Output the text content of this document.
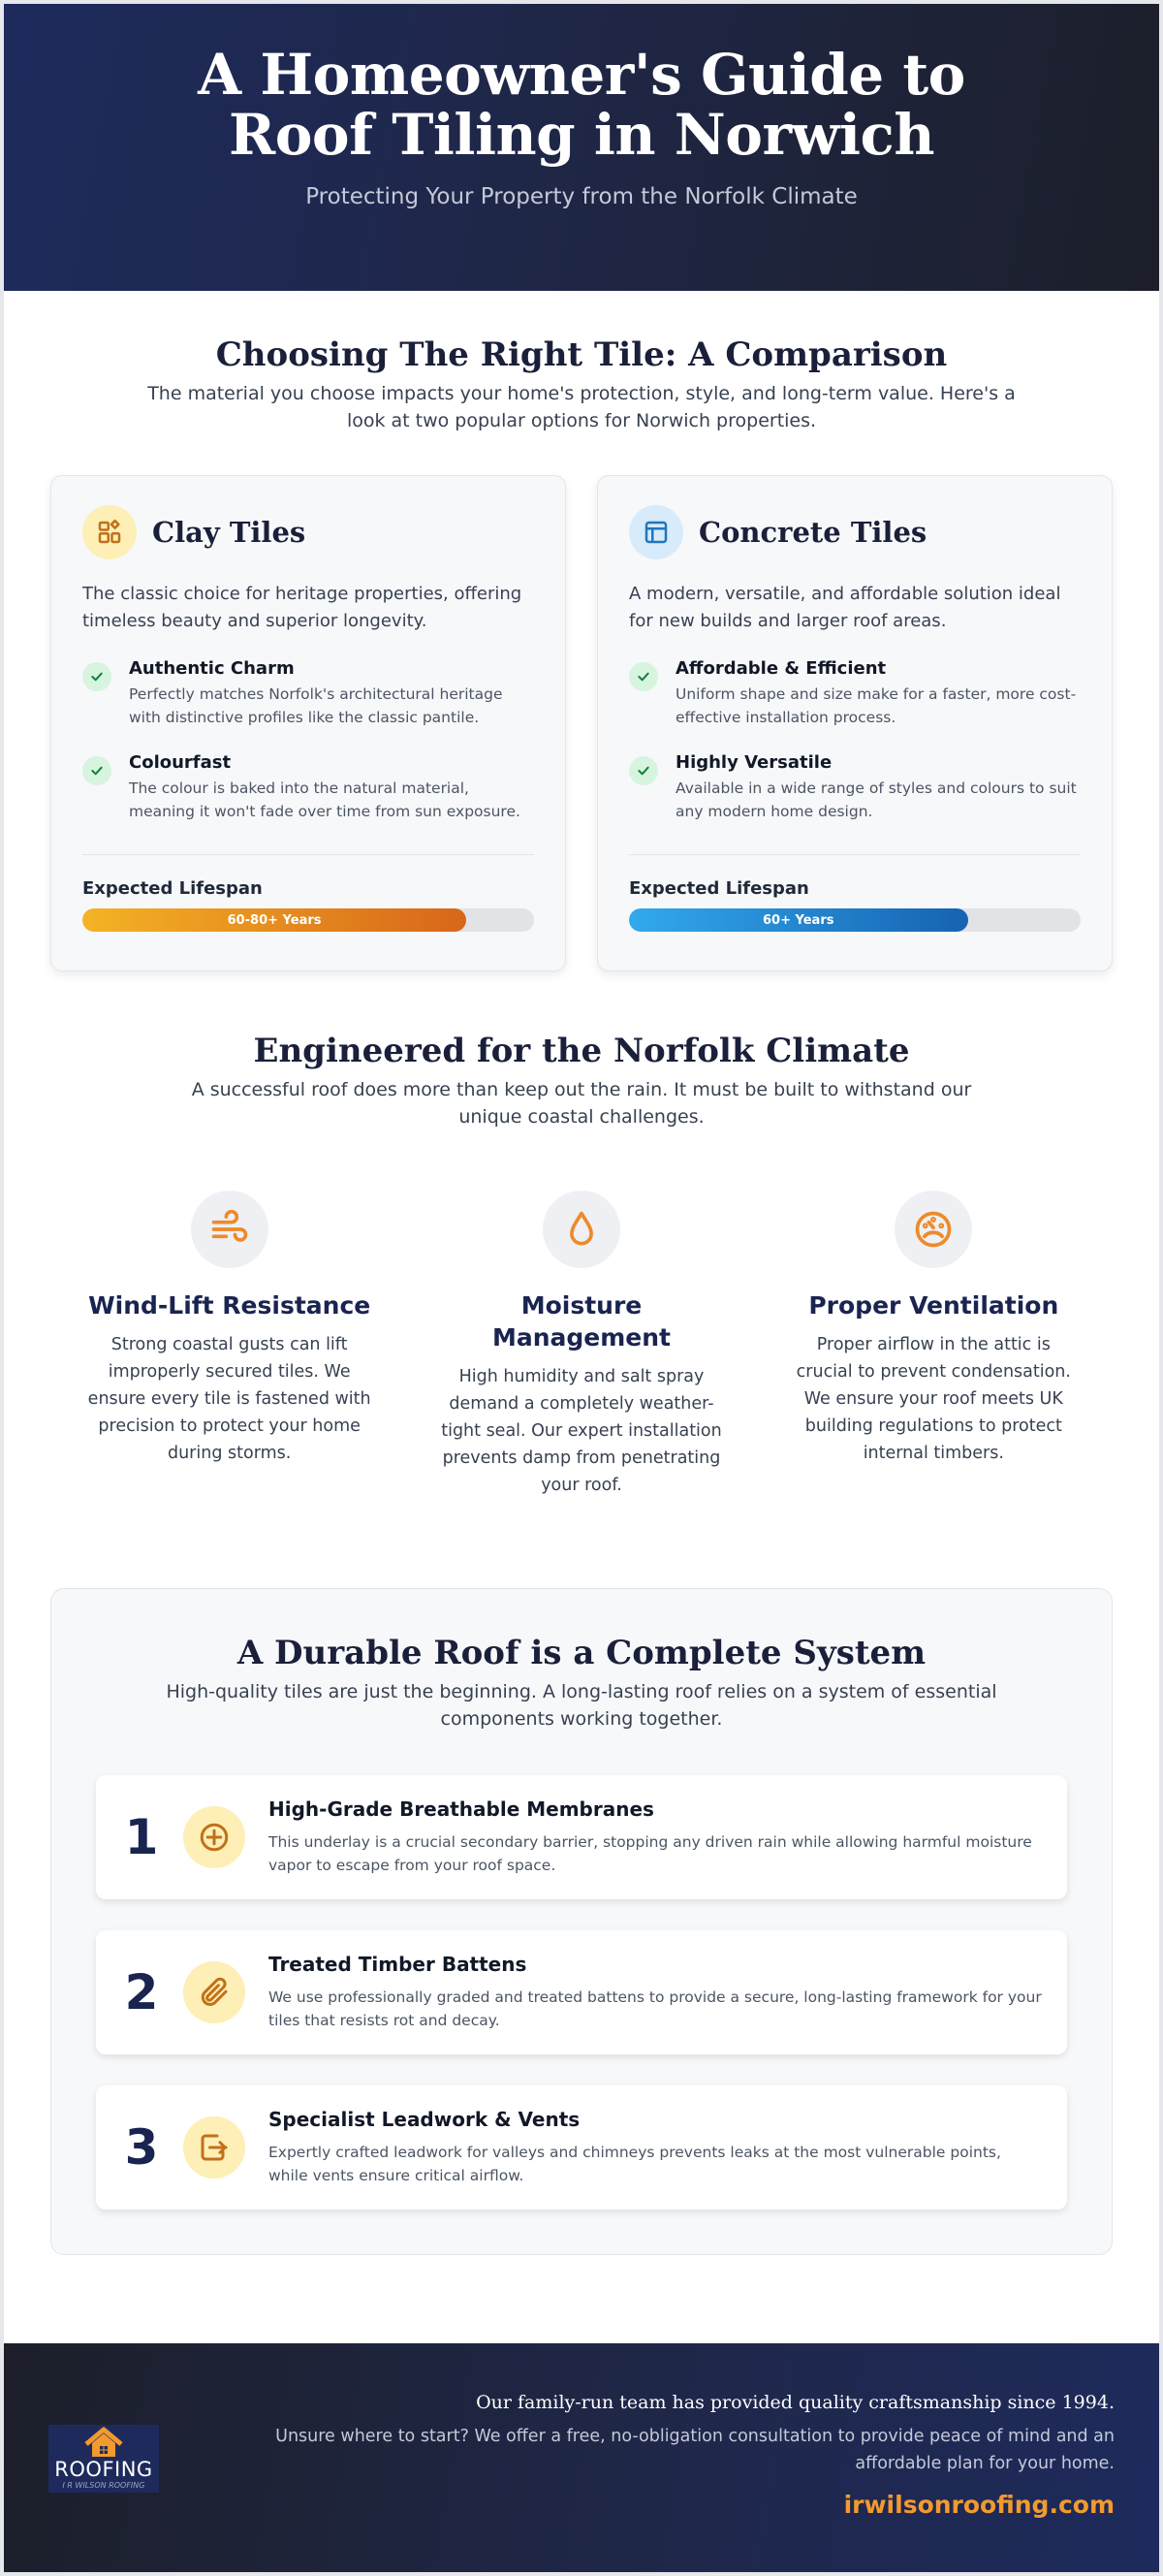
A Homeowner's Guide to Roof Tiling in Norwich

Protecting Your Property from the Norfolk Climate

Choosing The Right Tile: A Comparison

The material you choose impacts your home's protection, style, and long-term value. Here's a look at two popular options for Norwich properties.

Clay Tiles

The classic choice for heritage properties, offering timeless beauty and superior longevity.

Authentic Charm

Perfectly matches Norfolk's architectural heritage with distinctive profiles like the classic pantile.

Colourfast

The colour is baked into the natural material, meaning it won't fade over time from sun exposure.

Expected Lifespan
60-80+ Years
Concrete Tiles

A modern, versatile, and affordable solution ideal for new builds and larger roof areas.

Affordable & Efficient

Uniform shape and size make for a faster, more cost-effective installation process.

Highly Versatile

Available in a wide range of styles and colours to suit any modern home design.

Expected Lifespan
60+ Years
Engineered for the Norfolk Climate

A successful roof does more than keep out the rain. It must be built to withstand our unique coastal challenges.

Wind-Lift Resistance

Strong coastal gusts can lift improperly secured tiles. We ensure every tile is fastened with precision to protect your home during storms.

Moisture Management

High humidity and salt spray demand a completely weather-tight seal. Our expert installation prevents damp from penetrating your roof.

Proper Ventilation

Proper airflow in the attic is crucial to prevent condensation. We ensure your roof meets UK building regulations to protect internal timbers.

A Durable Roof is a Complete System

High-quality tiles are just the beginning. A long-lasting roof relies on a system of essential components working together.

1	High-Grade Breathable Membranes

This underlay is a crucial secondary barrier, stopping any driven rain while allowing harmful moisture vapor to escape from your roof space.

2	Treated Timber Battens

We use professionally graded and treated battens to provide a secure, long-lasting framework for your tiles that resists rot and decay.

3	Specialist Leadwork & Vents

Expertly crafted leadwork for valleys and chimneys prevents leaks at the most vulnerable points, while vents ensure critical airflow.

ROOFING
I R WILSON ROOFING
Our family-run team has provided quality craftsmanship since 1994.
Unsure where to start? We offer a free, no-obligation consultation to provide peace of mind and an affordable plan for your home.
irwilsonroofing.com
